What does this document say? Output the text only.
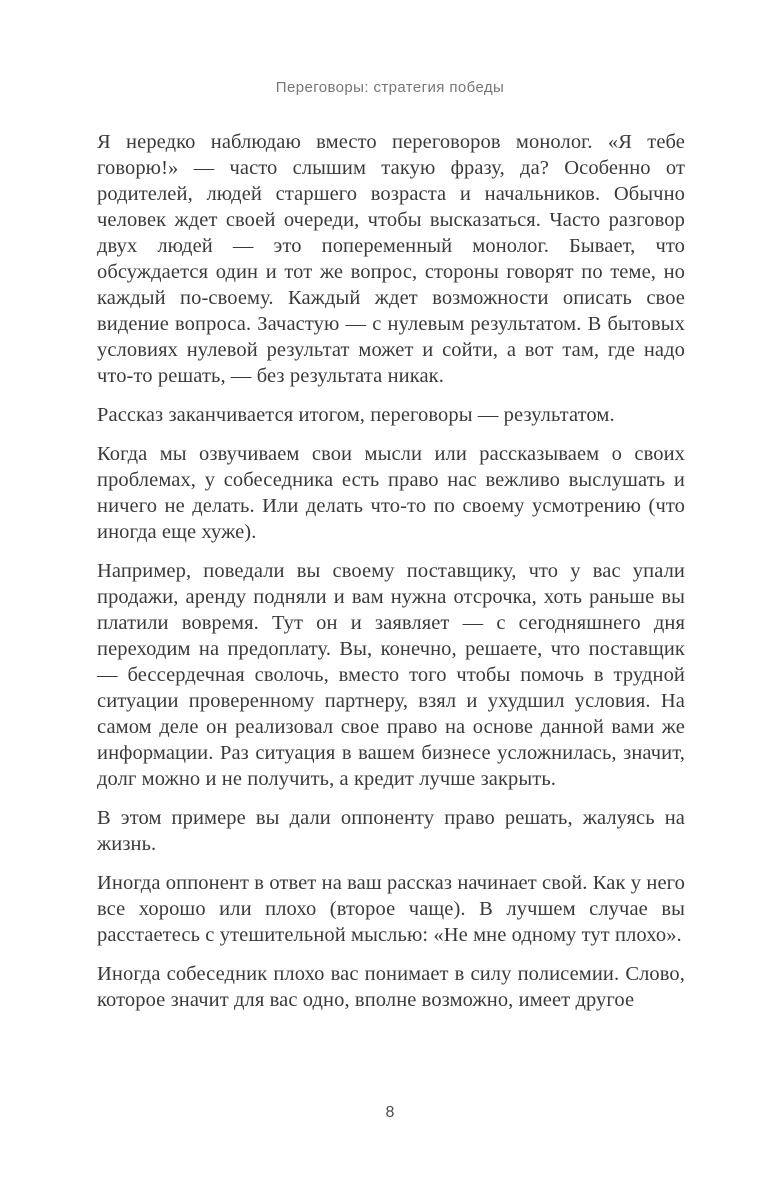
Переговоры: стратегия победы

Я нередко наблюдаю вместо переговоров монолог. «Я тебе говорю!» — часто слышим такую фразу, да? Особенно от родителей, людей старшего возраста и начальников. Обычно человек ждет своей очереди, чтобы высказаться. Часто разговор двух людей — это попеременный монолог. Бывает, что обсуждается один и тот же вопрос, стороны говорят по теме, но каждый по-своему. Каждый ждет возможности описать свое видение вопроса. Зачастую — с нулевым результатом. В бытовых условиях нулевой результат может и сойти, а вот там, где надо что-то решать, — без результата никак.

Рассказ заканчивается итогом, переговоры — результатом.

Когда мы озвучиваем свои мысли или рассказываем о своих проблемах, у собеседника есть право нас вежливо выслушать и ничего не делать. Или делать что-то по своему усмотрению (что иногда еще хуже).

Например, поведали вы своему поставщику, что у вас упали продажи, аренду подняли и вам нужна отсрочка, хоть раньше вы платили вовремя. Тут он и заявляет — с сегодняшнего дня переходим на предоплату. Вы, конечно, решаете, что поставщик — бессердечная сволочь, вместо того чтобы помочь в трудной ситуации проверенному партнеру, взял и ухудшил условия. На самом деле он реализовал свое право на основе данной вами же информации. Раз ситуация в вашем бизнесе усложнилась, значит, долг можно и не получить, а кредит лучше закрыть.

В этом примере вы дали оппоненту право решать, жалуясь на жизнь.

Иногда оппонент в ответ на ваш рассказ начинает свой. Как у него все хорошо или плохо (второе чаще). В лучшем случае вы расстаетесь с утешительной мыслью: «Не мне одному тут плохо».

Иногда собеседник плохо вас понимает в силу полисемии. Слово, которое значит для вас одно, вполне возможно, имеет другое

8
